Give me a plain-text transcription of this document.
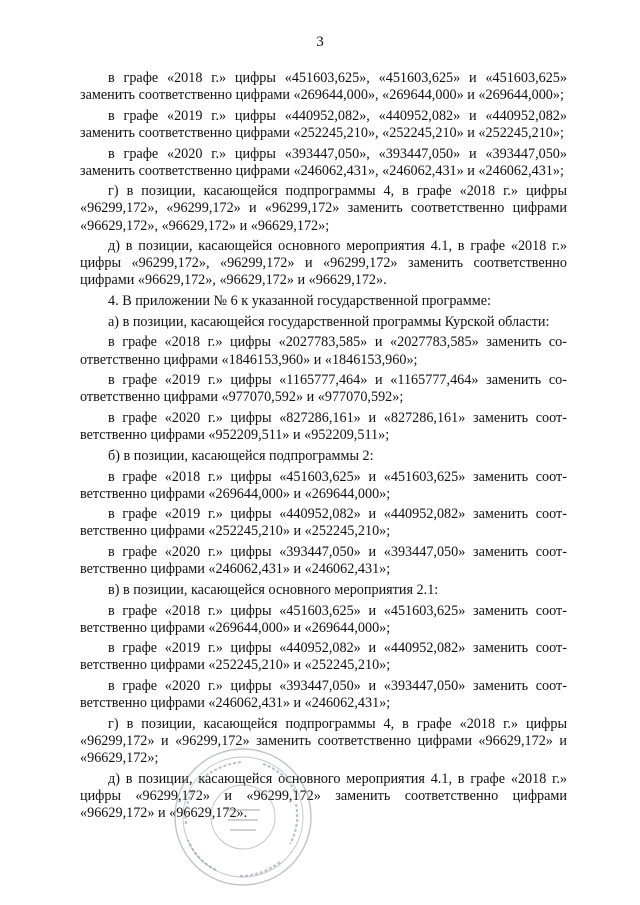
3

в графе «2018 г.» цифры «451603,625», «451603,625» и «451603,625» заменить соответственно цифрами «269644,000», «269644,000» и «269644,000»;

в графе «2019 г.» цифры «440952,082», «440952,082» и «440952,082» заменить соответственно цифрами «252245,210», «252245,210» и «252245,210»;

в графе «2020 г.» цифры «393447,050», «393447,050» и «393447,050» заменить соответственно цифрами «246062,431», «246062,431» и «246062,431»;

г) в позиции, касающейся подпрограммы 4, в графе «2018 г.» цифры «96299,172», «96299,172» и «96299,172» заменить соответственно цифрами «96629,172», «96629,172» и «96629,172»;

д) в позиции, касающейся основного мероприятия 4.1, в графе «2018 г.» цифры «96299,172», «96299,172» и «96299,172» заменить соответственно цифрами «96629,172», «96629,172» и «96629,172».

4. В приложении № 6 к указанной государственной программе:

а) в позиции, касающейся государственной программы Курской области:

в графе «2018 г.» цифры «2027783,585» и «2027783,585» заменить соответственно цифрами «1846153,960» и «1846153,960»;

в графе «2019 г.» цифры «1165777,464» и «1165777,464» заменить соответственно цифрами «977070,592» и «977070,592»;

в графе «2020 г.» цифры «827286,161» и «827286,161» заменить соответственно цифрами «952209,511» и «952209,511»;

б) в позиции, касающейся подпрограммы 2:

в графе «2018 г.» цифры «451603,625» и «451603,625» заменить соответственно цифрами «269644,000» и «269644,000»;

в графе «2019 г.» цифры «440952,082» и «440952,082» заменить соответственно цифрами «252245,210» и «252245,210»;

в графе «2020 г.» цифры «393447,050» и «393447,050» заменить соответственно цифрами «246062,431» и «246062,431»;

в) в позиции, касающейся основного мероприятия 2.1:

в графе «2018 г.» цифры «451603,625» и «451603,625» заменить соответственно цифрами «269644,000» и «269644,000»;

в графе «2019 г.» цифры «440952,082» и «440952,082» заменить соответственно цифрами «252245,210» и «252245,210»;

в графе «2020 г.» цифры «393447,050» и «393447,050» заменить соответственно цифрами «246062,431» и «246062,431»;

г) в позиции, касающейся подпрограммы 4, в графе «2018 г.» цифры «96299,172» и «96299,172» заменить соответственно цифрами «96629,172» и «96629,172»;

д) в позиции, касающейся основного мероприятия 4.1, в графе «2018 г.» цифры «96299,172» и «96299,172» заменить соответственно цифрами «96629,172» и «96629,172».
